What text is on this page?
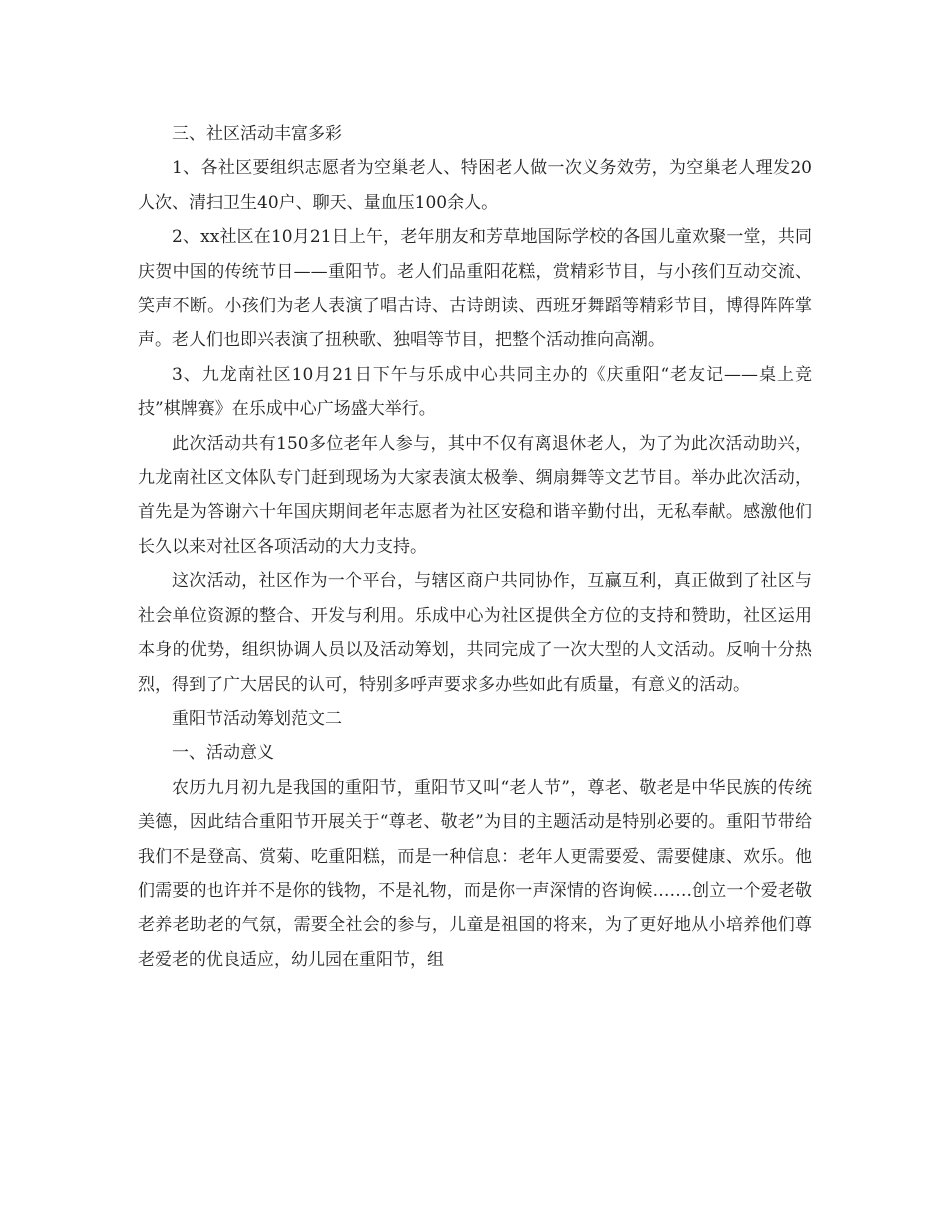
三、社区活动丰富多彩

1、各社区要组织志愿者为空巢老人、特困老人做一次义务效劳，为空巢老人理发20人次、清扫卫生40户、聊天、量血压100余人。

2、xx社区在10月21日上午，老年朋友和芳草地国际学校的各国儿童欢聚一堂，共同庆贺中国的传统节日——重阳节。老人们品重阳花糕，赏精彩节目，与小孩们互动交流、笑声不断。小孩们为老人表演了唱古诗、古诗朗读、西班牙舞蹈等精彩节目，博得阵阵掌声。老人们也即兴表演了扭秧歌、独唱等节目，把整个活动推向高潮。

3、九龙南社区10月21日下午与乐成中心共同主办的《庆重阳“老友记——桌上竞技”棋牌赛》在乐成中心广场盛大举行。

此次活动共有150多位老年人参与，其中不仅有离退休老人，为了为此次活动助兴，九龙南社区文体队专门赶到现场为大家表演太极拳、绸扇舞等文艺节目。举办此次活动，首先是为答谢六十年国庆期间老年志愿者为社区安稳和谐辛勤付出，无私奉献。感激他们长久以来对社区各项活动的大力支持。

这次活动，社区作为一个平台，与辖区商户共同协作，互赢互利，真正做到了社区与社会单位资源的整合、开发与利用。乐成中心为社区提供全方位的支持和赞助，社区运用本身的优势，组织协调人员以及活动筹划，共同完成了一次大型的人文活动。反响十分热烈，得到了广大居民的认可，特别多呼声要求多办些如此有质量，有意义的活动。

重阳节活动筹划范文二

一、活动意义

农历九月初九是我国的重阳节，重阳节又叫“老人节”，尊老、敬老是中华民族的传统美德，因此结合重阳节开展关于“尊老、敬老”为目的主题活动是特别必要的。重阳节带给我们不是登高、赏菊、吃重阳糕，而是一种信息：老年人更需要爱、需要健康、欢乐。他们需要的也许并不是你的钱物，不是礼物，而是你一声深情的咨询候…….创立一个爱老敬老养老助老的气氛，需要全社会的参与，儿童是祖国的将来，为了更好地从小培养他们尊老爱老的优良适应，幼儿园在重阳节，组
